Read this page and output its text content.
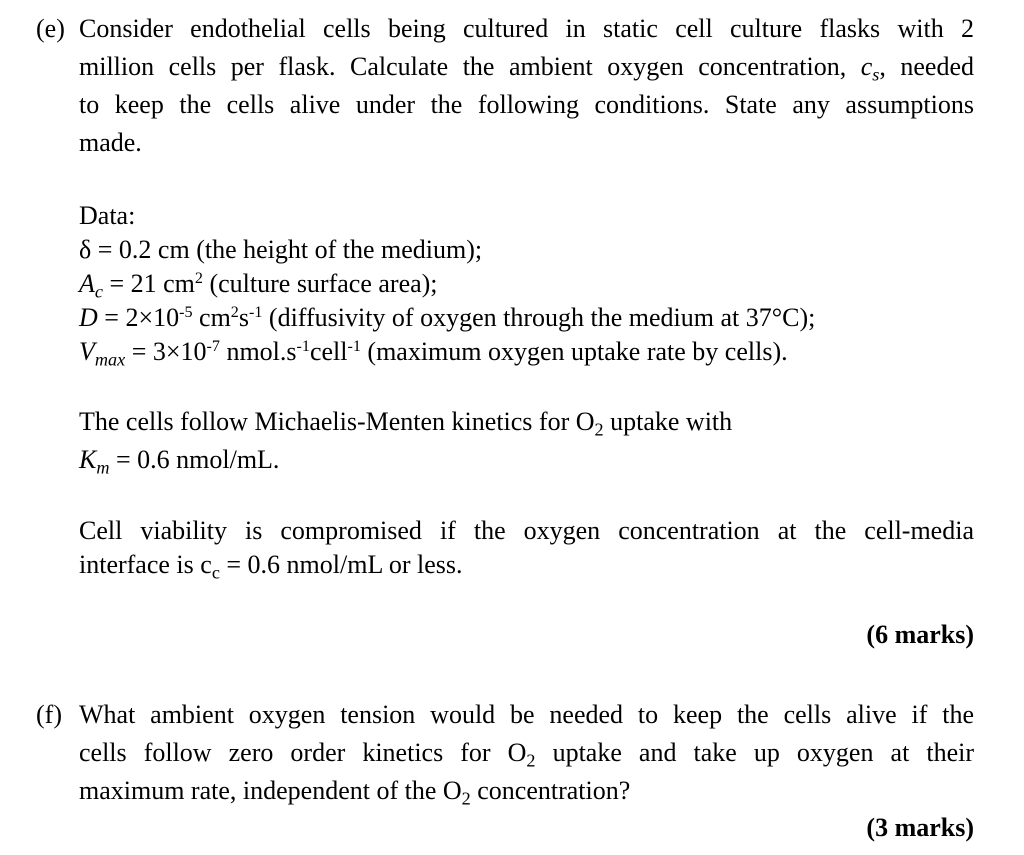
(e) Consider endothelial cells being cultured in static cell culture flasks with 2
million cells per flask. Calculate the ambient oxygen concentration, $c_s$, needed
to keep the cells alive under the following conditions. State any assumptions
made.
Data:
δ = 0.2 cm (the height of the medium);
$A_c = 21$ $cm^2$ (culture surface area);
$D = 2\times 10^{-5}$ $cm^2s^{-1}$ (diffusivity of oxygen through the medium at 37°C);
$V_{max} = 3\times 10^{-7}$ $nmol.s^{-1}cell^{-1}$ (maximum oxygen uptake rate by cells).
The cells follow Michaelis-Menten kinetics for $O_2$ uptake with
$K_m = 0.6$ nmol/mL.
Cell viability is compromised if the oxygen concentration at the cell-media
interface is $c_c = 0.6$ nmol/mL or less.
(6 marks)
(f) What ambient oxygen tension would be needed to keep the cells alive if the
cells follow zero order kinetics for $O_2$ uptake and take up oxygen at their
maximum rate, independent of the $O_2$ concentration?
(3 marks)
